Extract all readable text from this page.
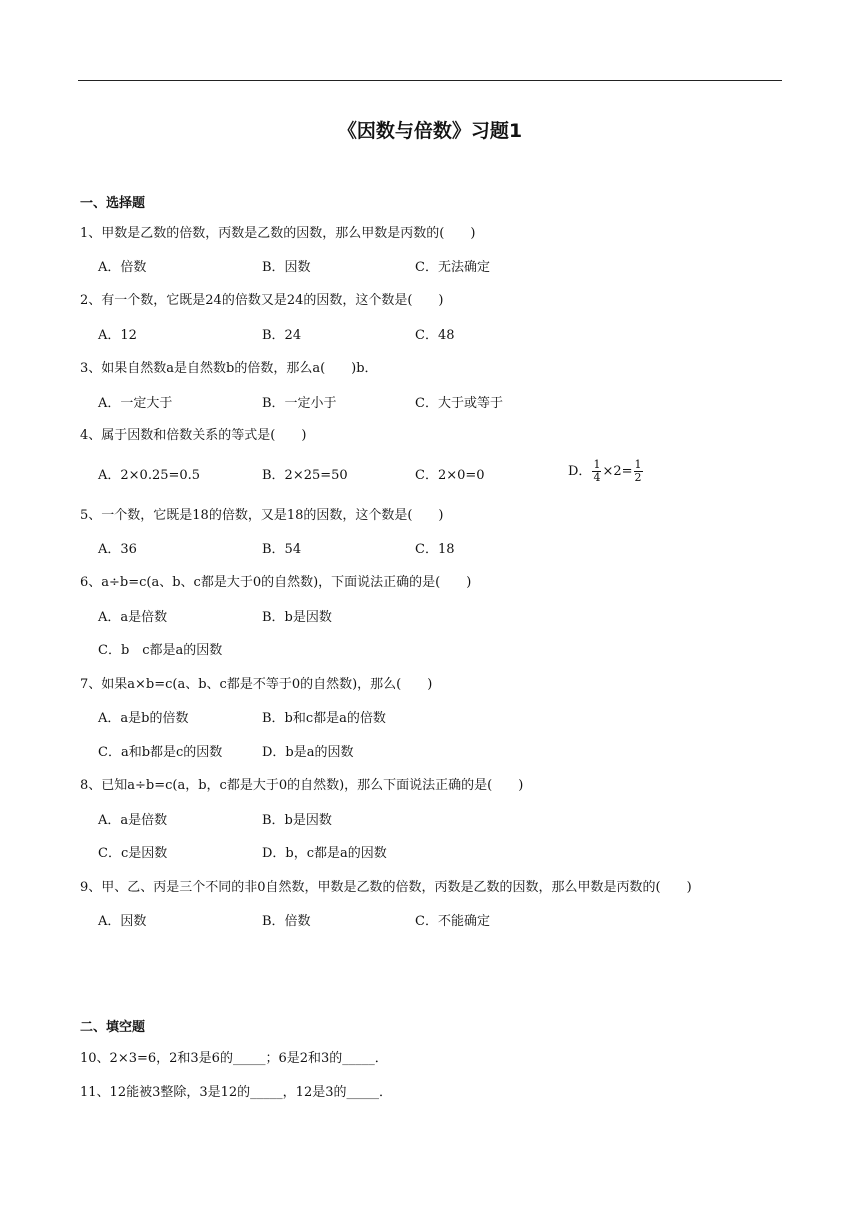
《因数与倍数》习题1
一、选择题
1、甲数是乙数的倍数，丙数是乙数的因数，那么甲数是丙数的(　　)
A．倍数	B．因数	C．无法确定
2、有一个数，它既是24的倍数又是24的因数，这个数是(　　)
A．12	B．24	C．48
3、如果自然数a是自然数b的倍数，那么a(　　)b．
A．一定大于	B．一定小于	C．大于或等于
4、属于因数和倍数关系的等式是(　　)
A．2×0.25=0.5	B．2×25=50	C．2×0=0	D． $\frac{1}{4} \times 2= \frac{1}{2}$
5、一个数，它既是18的倍数，又是18的因数，这个数是(　　)
A．36	B．54	C．18
6、a÷b=c(a、b、c都是大于0的自然数)，下面说法正确的是(　　)
A．a是倍数	B．b是因数
C．b　c都是a的因数
7、如果a×b=c(a、b、c都是不等于0的自然数)，那么(　　)
A．a是b的倍数	B．b和c都是a的倍数
C．a和b都是c的因数	D．b是a的因数
8、已知a÷b=c(a，b，c都是大于0的自然数)，那么下面说法正确的是(　　)
A．a是倍数	B．b是因数
C．c是因数	D．b，c都是a的因数
9、甲、乙、丙是三个不同的非0自然数，甲数是乙数的倍数，丙数是乙数的因数，那么甲数是丙数的(　　)
A．因数	B．倍数	C．不能确定
二、填空题
10、2×3=6，2和3是6的_____；6是2和3的_____．
11、12能被3整除，3是12的_____，12是3的_____．
